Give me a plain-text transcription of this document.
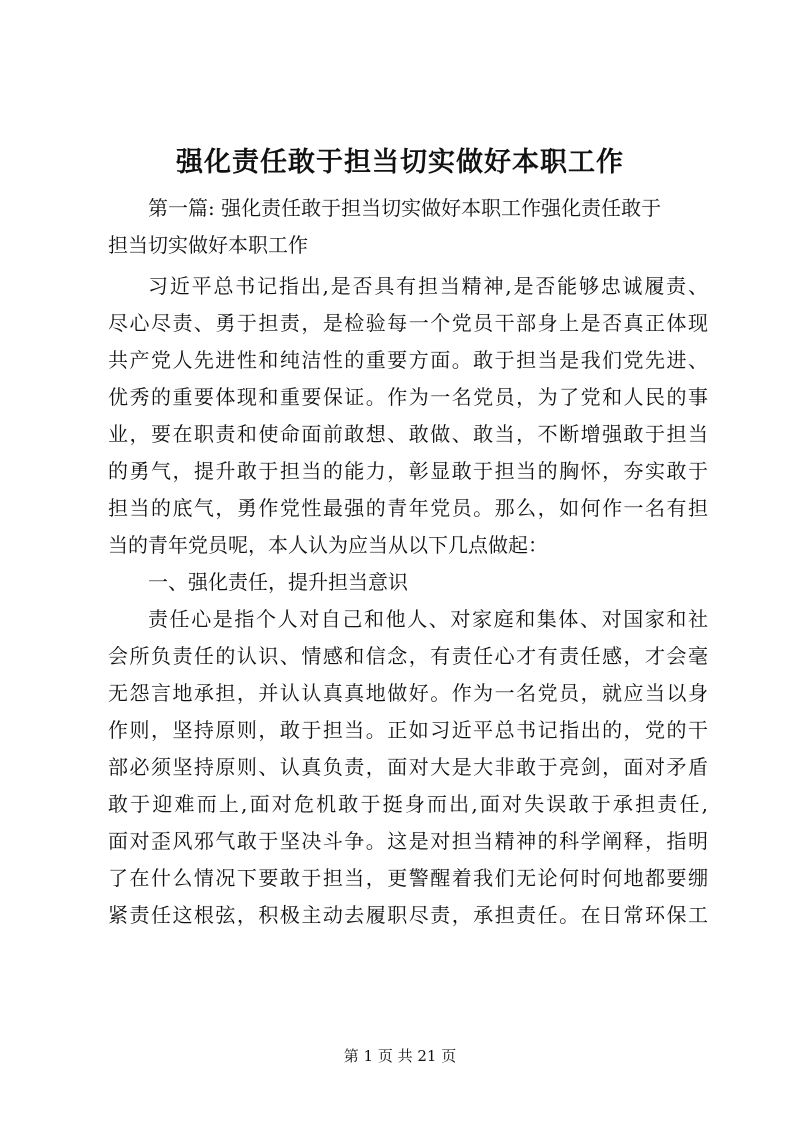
强化责任敢于担当切实做好本职工作
第一篇: 强化责任敢于担当切实做好本职工作强化责任敢于
担当切实做好本职工作
习近平总书记指出,是否具有担当精神,是否能够忠诚履责、
尽心尽责、勇于担责，是检验每一个党员干部身上是否真正体现
共产党人先进性和纯洁性的重要方面。敢于担当是我们党先进、
优秀的重要体现和重要保证。作为一名党员，为了党和人民的事
业，要在职责和使命面前敢想、敢做、敢当，不断增强敢于担当
的勇气，提升敢于担当的能力，彰显敢于担当的胸怀，夯实敢于
担当的底气，勇作党性最强的青年党员。那么，如何作一名有担
当的青年党员呢，本人认为应当从以下几点做起：
一、强化责任，提升担当意识
责任心是指个人对自己和他人、对家庭和集体、对国家和社
会所负责任的认识、情感和信念，有责任心才有责任感，才会毫
无怨言地承担，并认认真真地做好。作为一名党员，就应当以身
作则，坚持原则，敢于担当。正如习近平总书记指出的，党的干
部必须坚持原则、认真负责，面对大是大非敢于亮剑，面对矛盾
敢于迎难而上,面对危机敢于挺身而出,面对失误敢于承担责任,
面对歪风邪气敢于坚决斗争。这是对担当精神的科学阐释，指明
了在什么情况下要敢于担当，更警醒着我们无论何时何地都要绷
紧责任这根弦，积极主动去履职尽责，承担责任。在日常环保工
第 1 页 共 21 页
